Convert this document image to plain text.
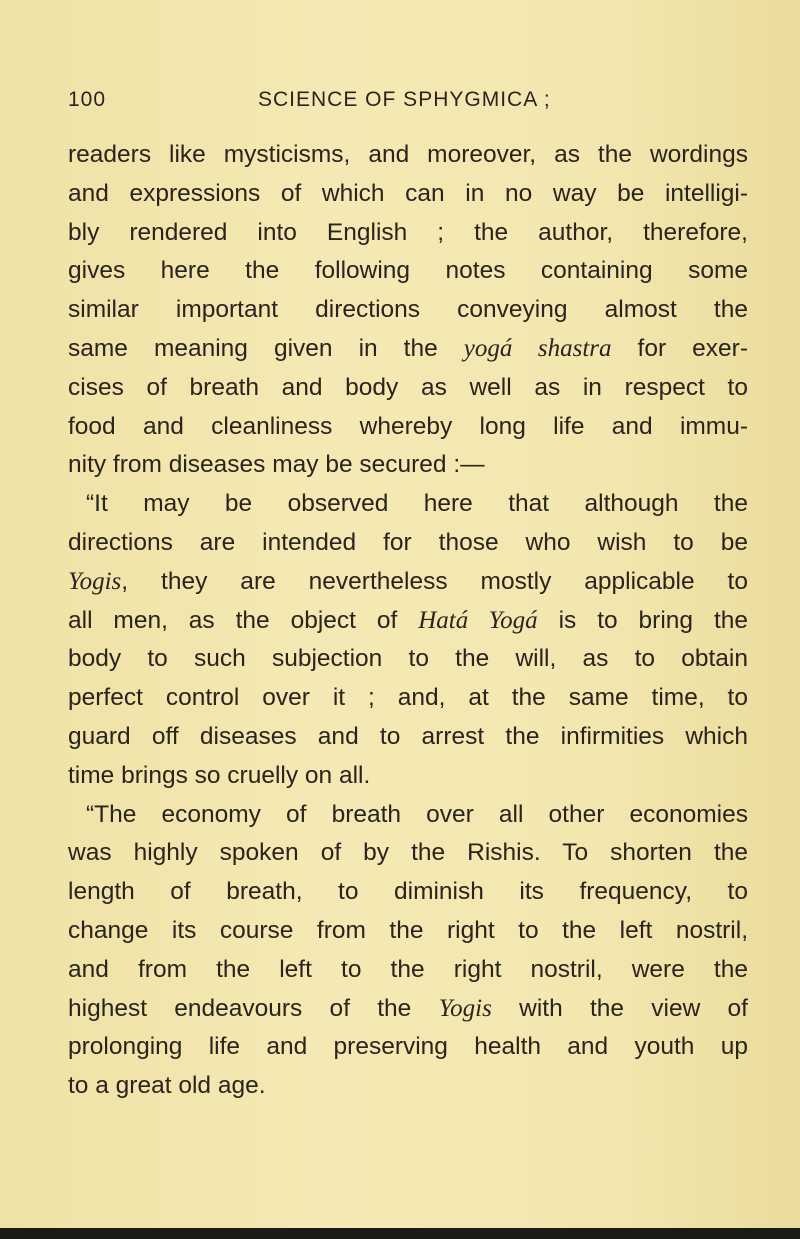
100	SCIENCE OF SPHYGMICA ;
readers like mysticisms, and moreover, as the wordings
and expressions of which can in no way be intelligi-
bly rendered into English ; the author, therefore,
gives here the following notes containing some
similar important directions conveying almost the
same meaning given in the yogá shastra for exer-
cises of breath and body as well as in respect to
food and cleanliness whereby long life and immu-
nity from diseases may be secured :—
“It may be observed here that although the
directions are intended for those who wish to be
Yogis, they are nevertheless mostly applicable to
all men, as the object of Hatá Yogá is to bring the
body to such subjection to the will, as to obtain
perfect control over it ; and, at the same time, to
guard off diseases and to arrest the infirmities which
time brings so cruelly on all.
“The economy of breath over all other economies
was highly spoken of by the Rishis. To shorten the
length of breath, to diminish its frequency, to
change its course from the right to the left nostril,
and from the left to the right nostril, were the
highest endeavours of the Yogis with the view of
prolonging life and preserving health and youth up
to a great old age.
